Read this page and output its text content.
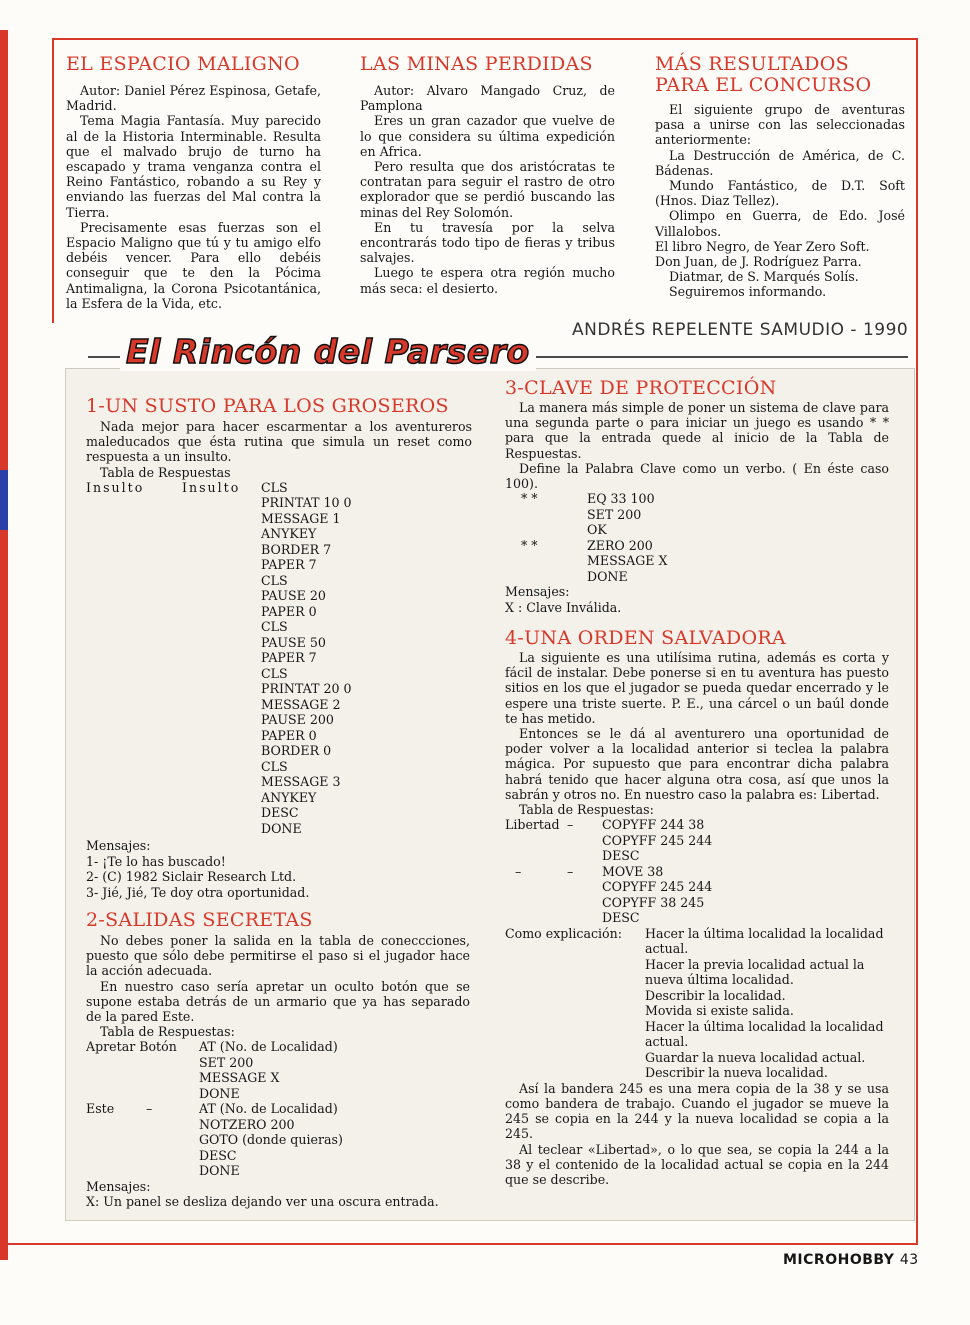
EL ESPACIO MALIGNO

Autor: Daniel Pérez Espinosa, Getafe, Madrid.

Tema Magia Fantasía. Muy parecido al de la Historia Interminable. Resulta que el malvado brujo de turno ha escapado y trama venganza contra el Reino Fantástico, robando a su Rey y enviando las fuerzas del Mal contra la Tierra.

Precisamente esas fuerzas son el Espacio Maligno que tú y tu amigo elfo debéis vencer. Para ello debéis conseguir que te den la Pócima Antimaligna, la Corona Psicotantánica, la Esfera de la Vida, etc.

LAS MINAS PERDIDAS

Autor: Alvaro Mangado Cruz, de Pamplona

Eres un gran cazador que vuelve de lo que considera su última expedición en Africa.

Pero resulta que dos aristócratas te contratan para seguir el rastro de otro explorador que se perdió buscando las minas del Rey Solomón.

En tu travesía por la selva encontrarás todo tipo de fieras y tribus salvajes.

Luego te espera otra región mucho más seca: el desierto.

MÁS RESULTADOS PARA EL CONCURSO

El siguiente grupo de aventuras pasa a unirse con las seleccionadas anteriormente:

La Destrucción de América, de C. Bádenas.

Mundo Fantástico, de D.T. Soft (Hnos. Diaz Tellez).

Olimpo en Guerra, de Edo. José Villalobos.

El libro Negro, de Year Zero Soft.

Don Juan, de J. Rodríguez Parra.

Diatmar, de S. Marqués Solís.

Seguiremos informando.

ANDRÉS REPELENTE SAMUDIO - 1990
El Rincón del Parsero
1-UN SUSTO PARA LOS GROSEROS

Nada mejor para hacer escarmentar a los aventureros maleducados que ésta rutina que simula un reset como respuesta a un insulto.

Tabla de Respuestas

Insulto	Insulto	CLS
PRINTAT 10 0
MESSAGE 1
ANYKEY
BORDER 7
PAPER 7
CLS
PAUSE 20
PAPER 0
CLS
PAUSE 50
PAPER 7
CLS
PRINTAT 20 0
MESSAGE 2
PAUSE 200
PAPER 0
BORDER 0
CLS
MESSAGE 3
ANYKEY
DESC
DONE
Mensajes:
1- ¡Te lo has buscado!
2- (C) 1982 Siclair Research Ltd.
3- Jié, Jié, Te doy otra oportunidad.
2-SALIDAS SECRETAS

No debes poner la salida en la tabla de coneccciones, puesto que sólo debe permitirse el paso si el jugador hace la acción adecuada.

En nuestro caso sería apretar un oculto botón que se supone estaba detrás de un armario que ya has separado de la pared Este.

Tabla de Respuestas:

Apretar Botón	AT (No. de Localidad)
SET 200
MESSAGE X
DONE
Este	–	AT (No. de Localidad)
NOTZERO 200
GOTO (donde quieras)
DESC
DONE
Mensajes:
X: Un panel se desliza dejando ver una oscura entrada.
3-CLAVE DE PROTECCIÓN

La manera más simple de poner un sistema de clave para una segunda parte o para iniciar un juego es usando * * para que la entrada quede al inicio de la Tabla de Respuestas.

Define la Palabra Clave como un verbo. ( En éste caso 100).

* *	EQ 33 100
SET 200
OK
* *	ZERO 200
MESSAGE X
DONE
Mensajes:
X : Clave Inválida.
4-UNA ORDEN SALVADORA

La siguiente es una utilísima rutina, además es corta y fácil de instalar. Debe ponerse si en tu aventura has puesto sitios en los que el jugador se pueda quedar encerrado y le espere una triste suerte. P. E., una cárcel o un baúl donde te has metido.

Entonces se le dá al aventurero una oportunidad de poder volver a la localidad anterior si teclea la palabra mágica. Por supuesto que para encontrar dicha palabra habrá tenido que hacer alguna otra cosa, así que unos la sabrán y otros no. En nuestro caso la palabra es: Libertad.

Tabla de Respuestas:

Libertad –	COPYFF 244 38
COPYFF 245 244
DESC
–	–	MOVE 38
COPYFF 245 244
COPYFF 38 245
DESC
Como explicación:	Hacer la última localidad la localidad actual.
Hacer la previa localidad actual la nueva última localidad.
Describir la localidad.
Movida si existe salida.
Hacer la última localidad la localidad actual.
Guardar la nueva localidad actual.
Describir la nueva localidad.

Así la bandera 245 es una mera copia de la 38 y se usa como bandera de trabajo. Cuando el jugador se mueve la 245 se copia en la 244 y la nueva localidad se copia a la 245.

Al teclear «Libertad», o lo que sea, se copia la 244 a la 38 y el contenido de la localidad actual se copia en la 244 que se describe.

MICROHOBBY 43
